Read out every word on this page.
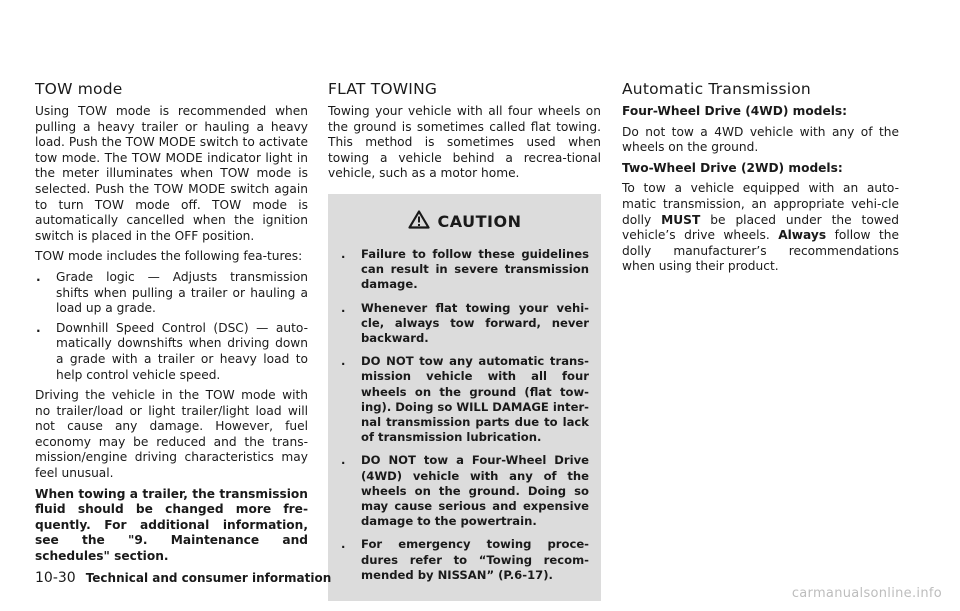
TOW mode

Using TOW mode is recommended when pulling a heavy trailer or hauling a heavy load. Push the TOW MODE switch to activate tow mode. The TOW MODE indicator light in the meter illuminates when TOW mode is selected. Push the TOW MODE switch again to turn TOW mode off. TOW mode is automatically cancelled when the ignition switch is placed in the OFF position.

TOW mode includes the following fea-tures:

. Grade logic — Adjusts transmission shifts when pulling a trailer or hauling a load up a grade.
. Downhill Speed Control (DSC) — auto-matically downshifts when driving down a grade with a trailer or heavy load to help control vehicle speed.

Driving the vehicle in the TOW mode with no trailer/load or light trailer/light load will not cause any damage. However, fuel economy may be reduced and the trans-mission/engine driving characteristics may feel unusual.

When towing a trailer, the transmission fluid should be changed more fre-quently. For additional information, see the "9. Maintenance and schedules" section.

FLAT TOWING

Towing your vehicle with all four wheels on the ground is sometimes called flat towing. This method is sometimes used when towing a vehicle behind a recrea-tional vehicle, such as a motor home.

CAUTION
. Failure to follow these guidelines can result in severe transmission damage.
. Whenever flat towing your vehi-cle, always tow forward, never backward.
. DO NOT tow any automatic trans-mission vehicle with all four wheels on the ground (flat tow-ing). Doing so WILL DAMAGE inter-nal transmission parts due to lack of transmission lubrication.
. DO NOT tow a Four-Wheel Drive (4WD) vehicle with any of the wheels on the ground. Doing so may cause serious and expensive damage to the powertrain.
. For emergency towing proce-dures refer to “Towing recom-mended by NISSAN” (P.6-17).
Automatic Transmission

Four-Wheel Drive (4WD) models:

Do not tow a 4WD vehicle with any of the wheels on the ground.

Two-Wheel Drive (2WD) models:

To tow a vehicle equipped with an auto-matic transmission, an appropriate vehi-cle dolly MUST be placed under the towed vehicle’s drive wheels. Always follow the dolly manufacturer’s recommendations when using their product.

10-30 Technical and consumer information
carmanualsonline.info
